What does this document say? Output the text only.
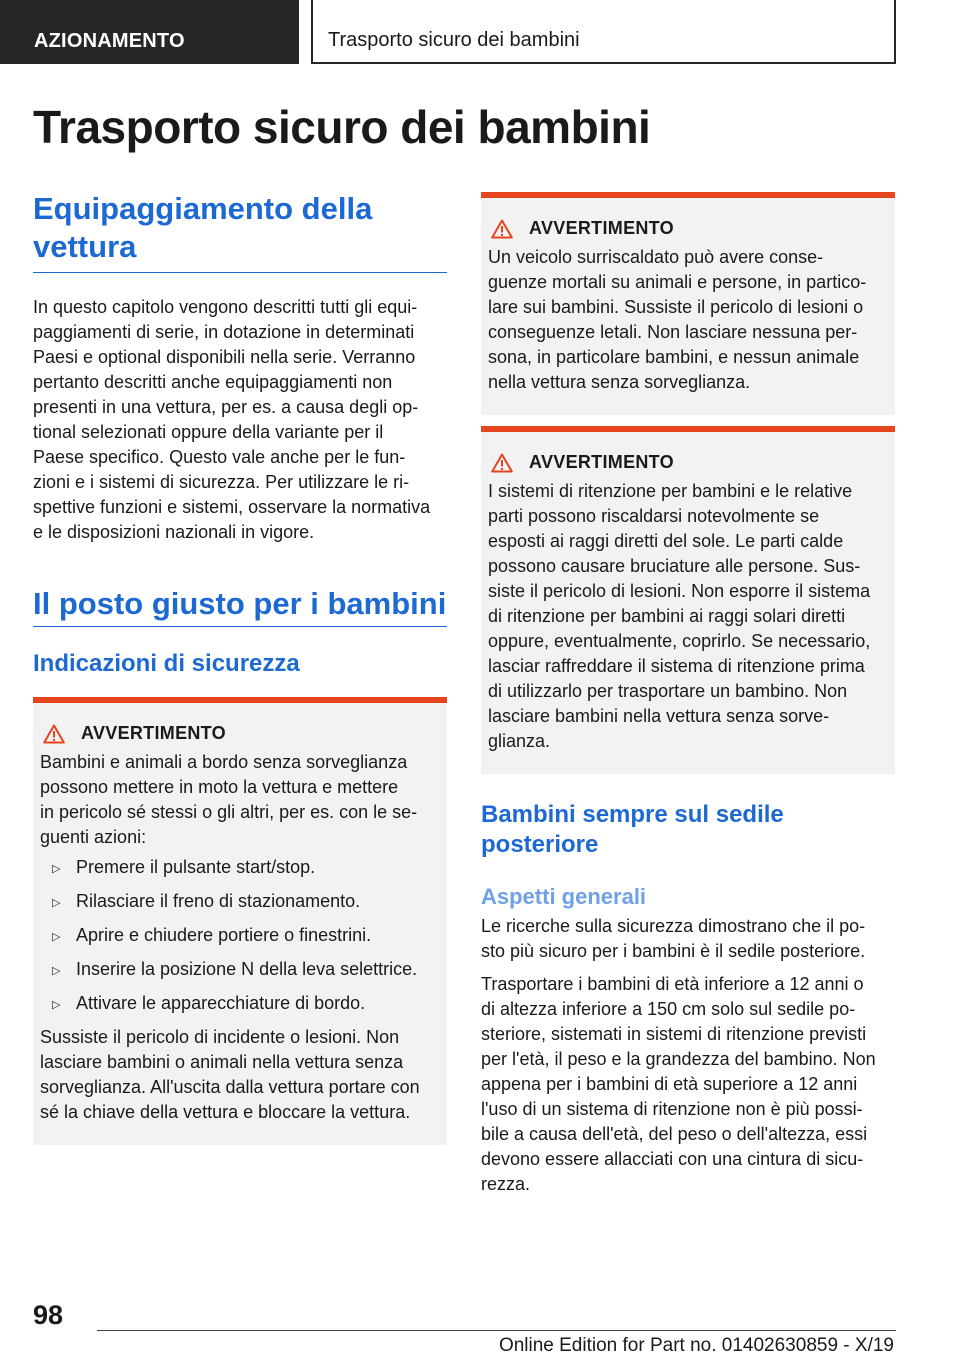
AZIONAMENTO	Trasporto sicuro dei bambini
Trasporto sicuro dei bambini
Equipaggiamento della vettura
In questo capitolo vengono descritti tutti gli equi‐
paggiamenti di serie, in dotazione in determinati
Paesi e optional disponibili nella serie. Verranno
pertanto descritti anche equipaggiamenti non
presenti in una vettura, per es. a causa degli op‐
tional selezionati oppure della variante per il
Paese specifico. Questo vale anche per le fun‐
zioni e i sistemi di sicurezza. Per utilizzare le ri‐
spettive funzioni e sistemi, osservare la normativa
e le disposizioni nazionali in vigore.
Il posto giusto per i bambini
Indicazioni di sicurezza
AVVERTIMENTO
Bambini e animali a bordo senza sorveglianza
possono mettere in moto la vettura e mettere
in pericolo sé stessi o gli altri, per es. con le se‐
guenti azioni:
▷ Premere il pulsante start/stop.
▷ Rilasciare il freno di stazionamento.
▷ Aprire e chiudere portiere o finestrini.
▷ Inserire la posizione N della leva selettrice.
▷ Attivare le apparecchiature di bordo.
Sussiste il pericolo di incidente o lesioni. Non
lasciare bambini o animali nella vettura senza
sorveglianza. All'uscita dalla vettura portare con
sé la chiave della vettura e bloccare la vettura.
AVVERTIMENTO
Un veicolo surriscaldato può avere conse‐
guenze mortali su animali e persone, in partico‐
lare sui bambini. Sussiste il pericolo di lesioni o
conseguenze letali. Non lasciare nessuna per‐
sona, in particolare bambini, e nessun animale
nella vettura senza sorveglianza.
AVVERTIMENTO
I sistemi di ritenzione per bambini e le relative
parti possono riscaldarsi notevolmente se
esposti ai raggi diretti del sole. Le parti calde
possono causare bruciature alle persone. Sus‐
siste il pericolo di lesioni. Non esporre il sistema
di ritenzione per bambini ai raggi solari diretti
oppure, eventualmente, coprirlo. Se necessario,
lasciar raffreddare il sistema di ritenzione prima
di utilizzarlo per trasportare un bambino. Non
lasciare bambini nella vettura senza sorve‐
glianza.
Bambini sempre sul sedile posteriore
Aspetti generali
Le ricerche sulla sicurezza dimostrano che il po‐
sto più sicuro per i bambini è il sedile posteriore.
Trasportare i bambini di età inferiore a 12 anni o
di altezza inferiore a 150 cm solo sul sedile po‐
steriore, sistemati in sistemi di ritenzione previsti
per l'età, il peso e la grandezza del bambino. Non
appena per i bambini di età superiore a 12 anni
l'uso di un sistema di ritenzione non è più possi‐
bile a causa dell'età, del peso o dell'altezza, essi
devono essere allacciati con una cintura di sicu‐
rezza.
98
Online Edition for Part no. 01402630859 - X/19
